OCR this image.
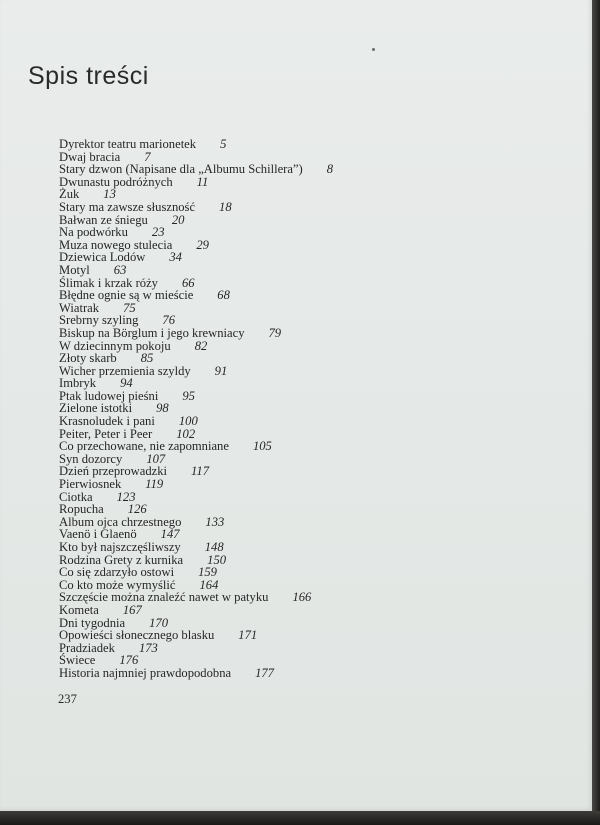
Spis treści
Dyrektor teatru marionetek 5
Dwaj bracia 7
Stary dzwon (Napisane dla „Albumu Schillera”) 8
Dwunastu podróżnych 11
Żuk 13
Stary ma zawsze słuszność 18
Bałwan ze śniegu 20
Na podwórku 23
Muza nowego stulecia 29
Dziewica Lodów 34
Motyl 63
Ślimak i krzak róży 66
Błędne ognie są w mieście 68
Wiatrak 75
Srebrny szyling 76
Biskup na Börglum i jego krewniacy 79
W dziecinnym pokoju 82
Złoty skarb 85
Wicher przemienia szyldy 91
Imbryk 94
Ptak ludowej pieśni 95
Zielone istotki 98
Krasnoludek i pani 100
Peiter, Peter i Peer 102
Co przechowane, nie zapomniane 105
Syn dozorcy 107
Dzień przeprowadzki 117
Pierwiosnek 119
Ciotka 123
Ropucha 126
Album ojca chrzestnego 133
Vaenö i Glaenö 147
Kto był najszczęśliwszy 148
Rodzina Grety z kurnika 150
Co się zdarzyło ostowi 159
Co kto może wymyślić 164
Szczęście można znaleźć nawet w patyku 166
Kometa 167
Dni tygodnia 170
Opowieści słonecznego blasku 171
Pradziadek 173
Świece 176
Historia najmniej prawdopodobna 177
237
